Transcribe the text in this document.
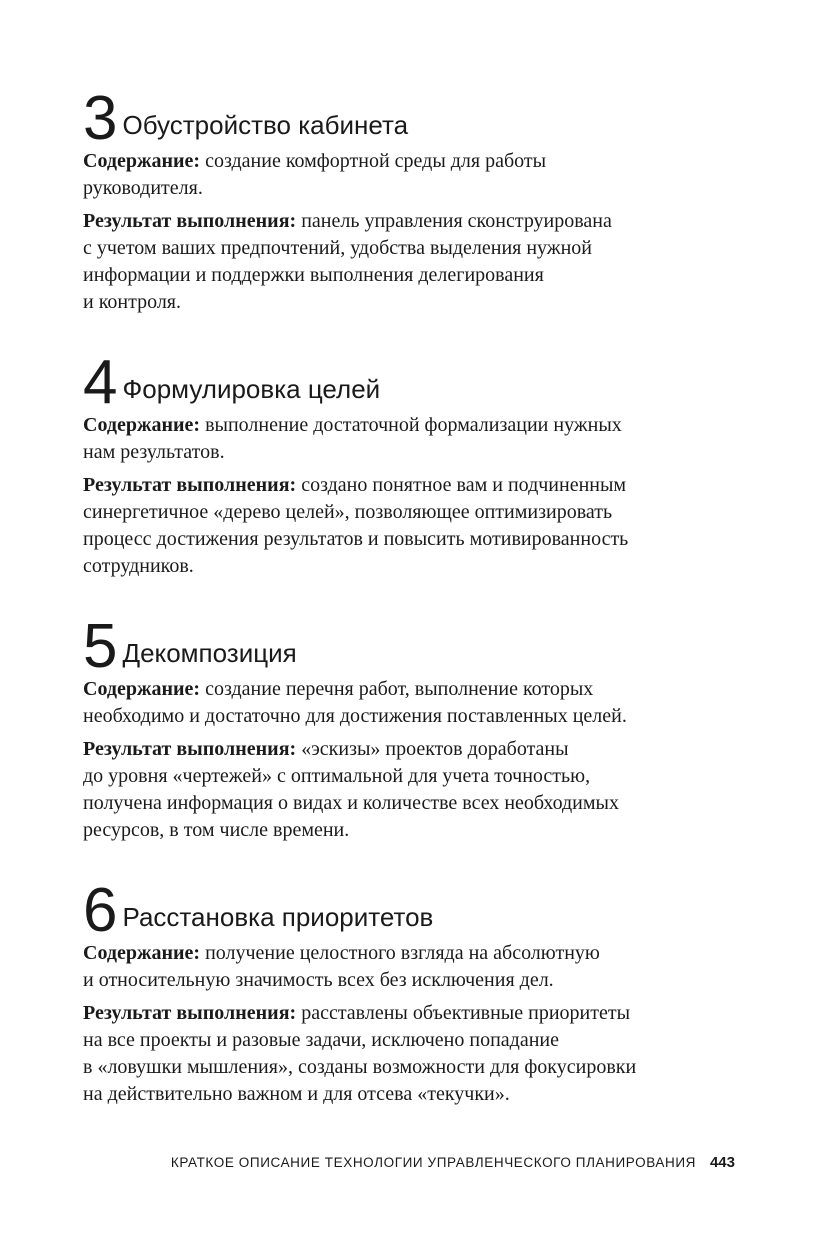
3 Обустройство кабинета

Содержание: создание комфортной среды для работы
руководителя.

Результат выполнения: панель управления сконструирована
с учетом ваших предпочтений, удобства выделения нужной
информации и поддержки выполнения делегирования
и контроля.

4 Формулировка целей

Содержание: выполнение достаточной формализации нужных
нам результатов.

Результат выполнения: создано понятное вам и подчиненным
синергетичное «дерево целей», позволяющее оптимизировать
процесс достижения результатов и повысить мотивированность
сотрудников.

5 Декомпозиция

Содержание: создание перечня работ, выполнение которых
необходимо и достаточно для достижения поставленных целей.

Результат выполнения: «эскизы» проектов доработаны
до уровня «чертежей» с оптимальной для учета точностью,
получена информация о видах и количестве всех необходимых
ресурсов, в том числе времени.

6 Расстановка приоритетов

Содержание: получение целостного взгляда на абсолютную
и относительную значимость всех без исключения дел.

Результат выполнения: расставлены объективные приоритеты
на все проекты и разовые задачи, исключено попадание
в «ловушки мышления», созданы возможности для фокусировки
на действительно важном и для отсева «текучки».

КРАТКОЕ ОПИСАНИЕ ТЕХНОЛОГИИ УПРАВЛЕНЧЕСКОГО ПЛАНИРОВАНИЯ 443
